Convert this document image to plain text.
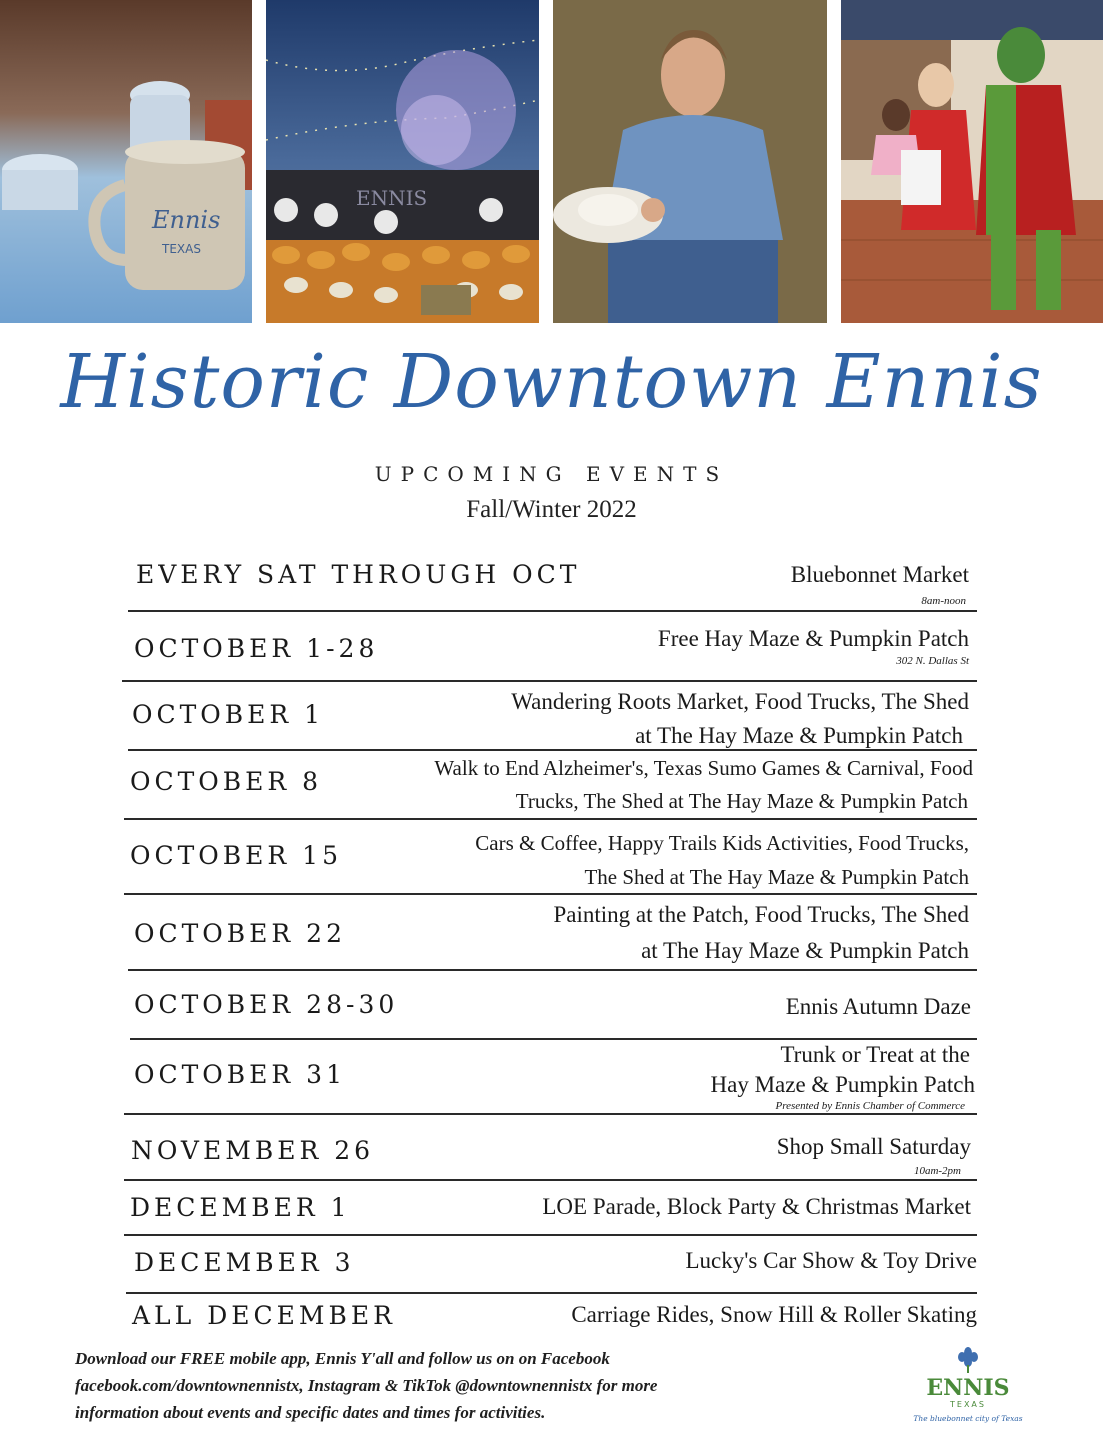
Ennis
TEXAS
ENNIS
Historic Downtown Ennis
UPCOMING EVENTS
Fall/Winter 2022
EVERY SAT THROUGH OCT	Bluebonnet Market
8am-noon
OCTOBER 1-28	Free Hay Maze & Pumpkin Patch
302 N. Dallas St
OCTOBER 1	Wandering Roots Market, Food Trucks, The Shed
at The Hay Maze & Pumpkin Patch
OCTOBER 8	Walk to End Alzheimer's, Texas Sumo Games & Carnival, Food
Trucks, The Shed at The Hay Maze & Pumpkin Patch
OCTOBER 15	Cars & Coffee, Happy Trails Kids Activities, Food Trucks,
The Shed at The Hay Maze & Pumpkin Patch
OCTOBER 22
Painting at the Patch, Food Trucks, The Shed
at The Hay Maze & Pumpkin Patch
OCTOBER 28-30	Ennis Autumn Daze
OCTOBER 31
Trunk or Treat at the
Hay Maze & Pumpkin Patch
Presented by Ennis Chamber of Commerce
NOVEMBER 26	Shop Small Saturday
10am-2pm
DECEMBER 1	LOE Parade, Block Party & Christmas Market
DECEMBER 3	Lucky's Car Show & Toy Drive
ALL DECEMBER	Carriage Rides, Snow Hill & Roller Skating
Download our FREE mobile app, Ennis Y'all and follow us on on Facebook
facebook.com/downtownennistx, Instagram & TikTok @downtownennistx for more
information about events and specific dates and times for activities.
ENNIS
TEXAS
The bluebonnet city of Texas
